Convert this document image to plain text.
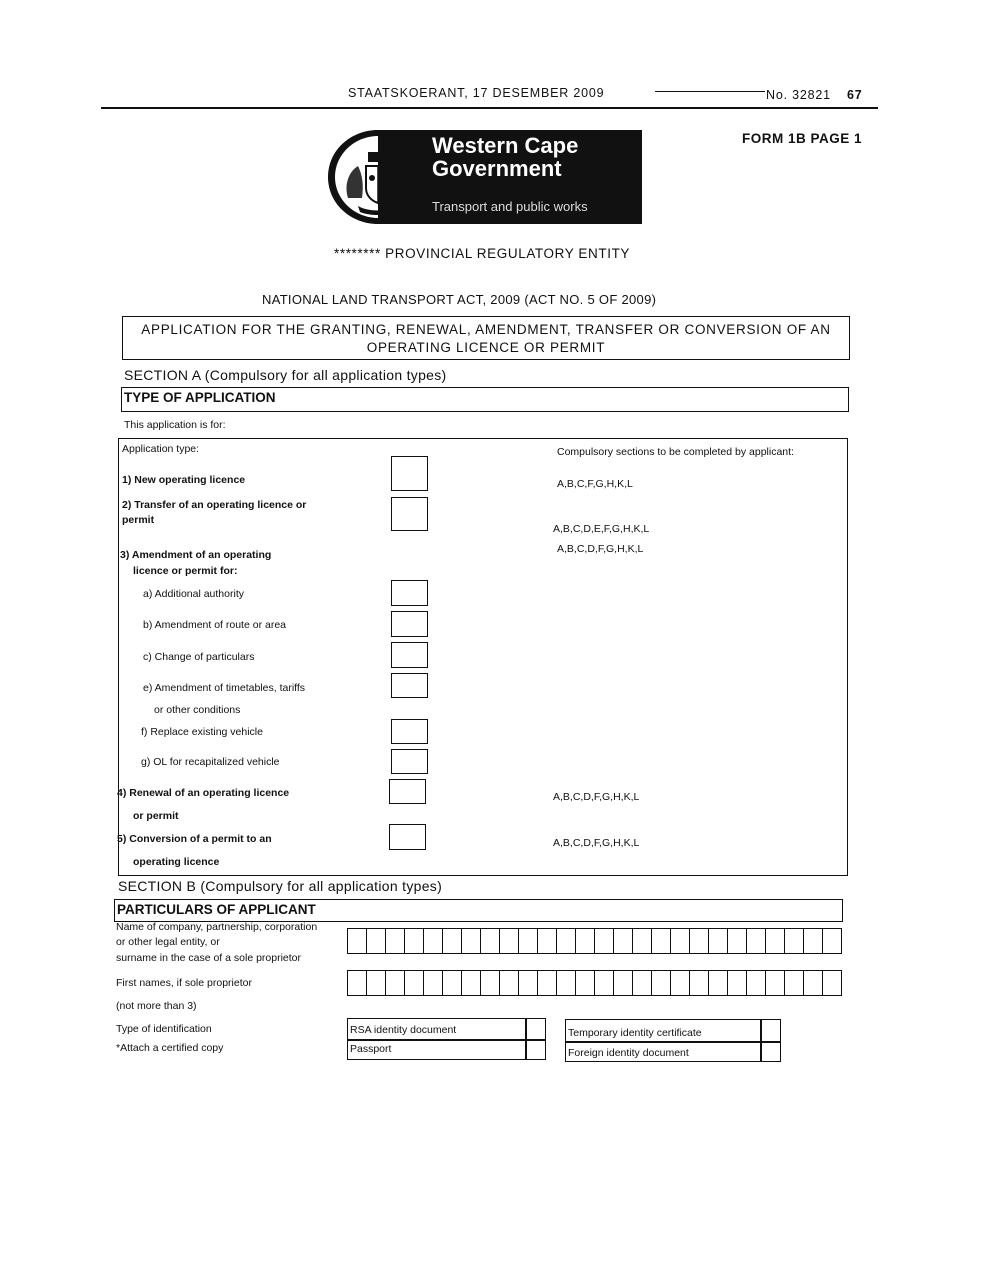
STAATSKOERANT, 17 DESEMBER 2009	No. 32821 67
Western Cape
Government
Transport and public works
FORM 1B PAGE 1
******** PROVINCIAL REGULATORY ENTITY
NATIONAL LAND TRANSPORT ACT, 2009 (ACT NO. 5 OF 2009)
APPLICATION FOR THE GRANTING, RENEWAL, AMENDMENT, TRANSFER OR CONVERSION OF AN
OPERATING LICENCE OR PERMIT
SECTION A (Compulsory for all application types)
TYPE OF APPLICATION
This application is for:
Application type:	Compulsory sections to be completed by applicant:
1) New operating licence
2) Transfer of an operating licence or
permit
3) Amendment of an operating
licence or permit for:
a) Additional authority
b) Amendment of route or area
c) Change of particulars
e) Amendment of timetables, tariffs
or other conditions
f) Replace existing vehicle
g) OL for recapitalized vehicle
4) Renewal of an operating licence
or permit
5) Conversion of a permit to an
operating licence
A,B,C,F,G,H,K,L
A,B,C,D,E,F,G,H,K,L
A,B,C,D,F,G,H,K,L
A,B,C,D,F,G,H,K,L
A,B,C,D,F,G,H,K,L
SECTION B (Compulsory for all application types)
PARTICULARS OF APPLICANT
Name of company, partnership, corporation
or other legal entity, or
surname in the case of a sole proprietor
First names, if sole proprietor
(not more than 3)
Type of identification
*Attach a certified copy
RSA identity document
Passport
Temporary identity certificate
Foreign identity document
